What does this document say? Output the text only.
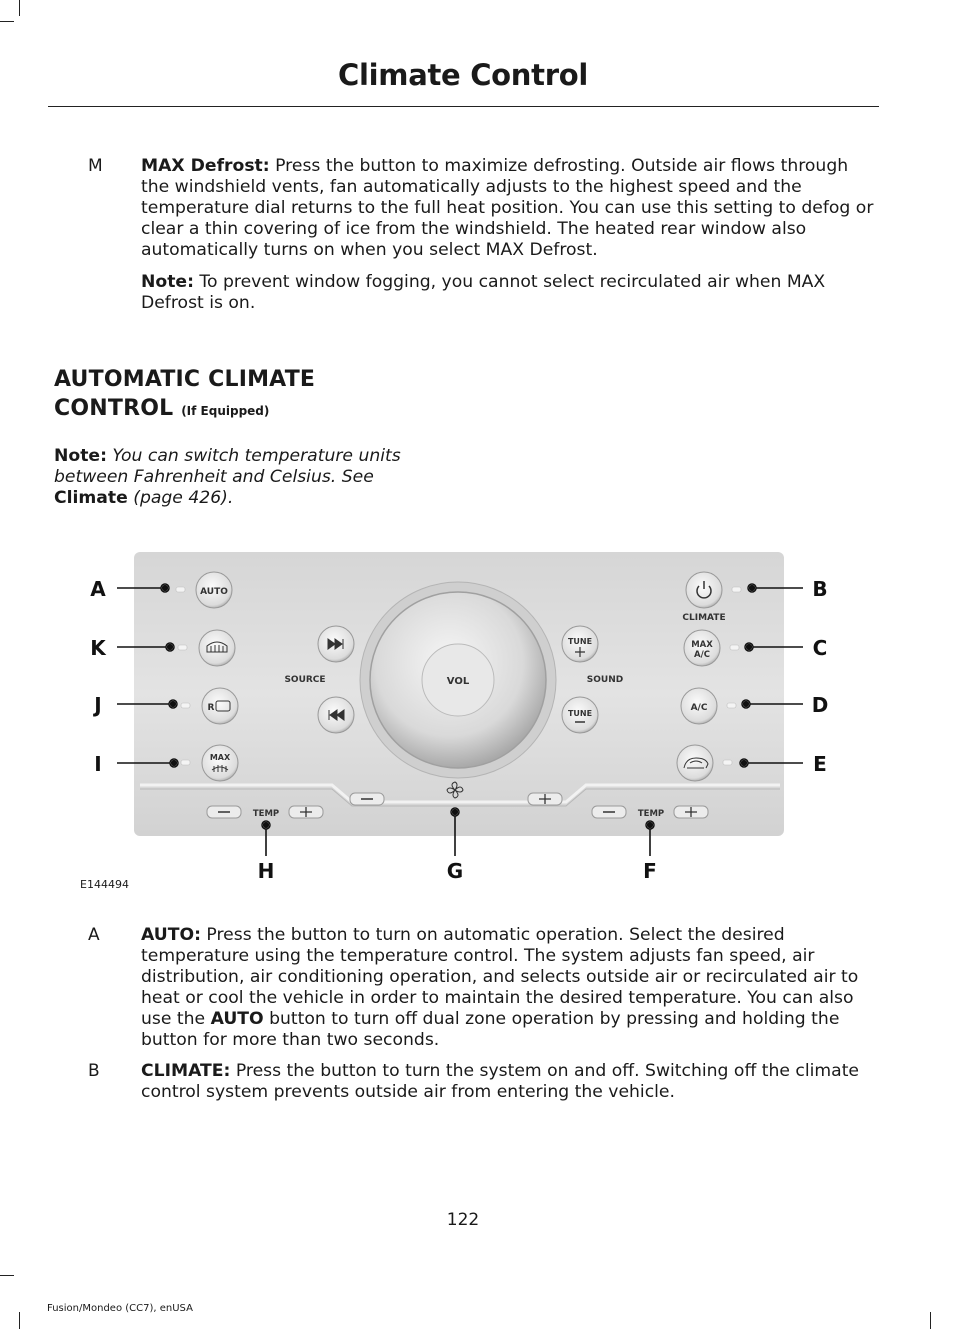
Climate Control
M MAX Defrost: Press the button to maximize defrosting. Outside air flows through the windshield vents, fan automatically adjusts to the highest speed and the temperature dial returns to the full heat position. You can use this setting to defog or clear a thin covering of ice from the windshield. The heated rear window also automatically turns on when you select MAX Defrost.
Note: To prevent window fogging, you cannot select recirculated air when MAX Defrost is on.
AUTOMATIC CLIMATE
CONTROL (If Equipped)
Note: You can switch temperature units between Fahrenheit and Celsius. See Climate (page 426).
VOL
AUTO
R
MAX
CLIMATE
MAX
A/C
A/C
SOURCE
TUNE
TUNE
SOUND
TEMP	TEMP
A
K
J
I
B
C
D
E
H	G	F
E144494
A AUTO: Press the button to turn on automatic operation. Select the desired temperature using the temperature control. The system adjusts fan speed, air distribution, air conditioning operation, and selects outside air or recirculated air to heat or cool the vehicle in order to maintain the desired temperature. You can also use the AUTO button to turn off dual zone operation by pressing and holding the button for more than two seconds.
B CLIMATE: Press the button to turn the system on and off. Switching off the climate control system prevents outside air from entering the vehicle.
122
Fusion/Mondeo (CC7), enUSA
